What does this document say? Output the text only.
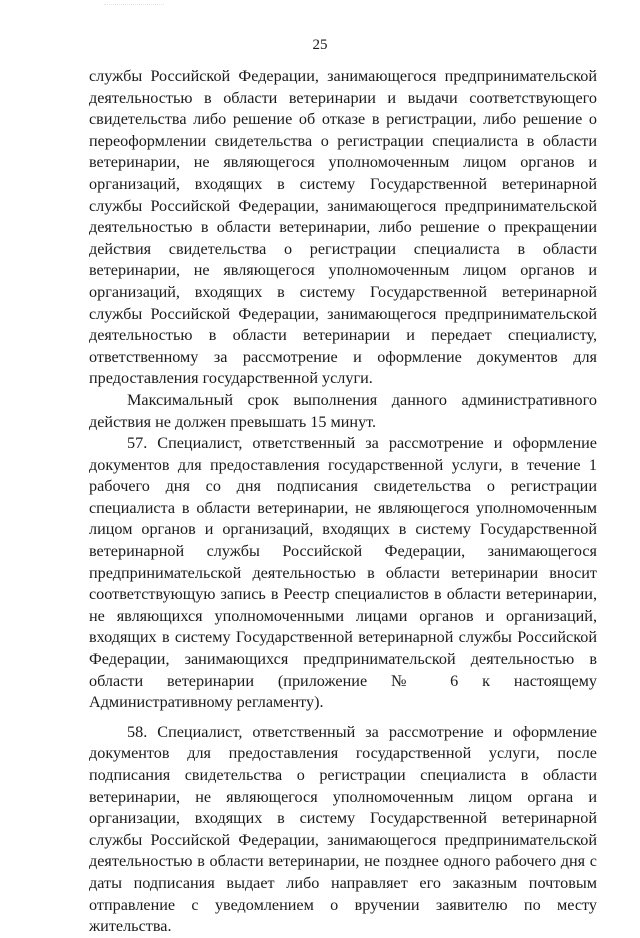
25

службы Российской Федерации, занимающегося предпринимательской деятельностью в области ветеринарии и выдачи соответствующего свидетельства либо решение об отказе в регистрации, либо решение о переоформлении свидетельства о регистрации специалиста в области ветеринарии, не являющегося уполномоченным лицом органов и организаций, входящих в систему Государственной ветеринарной службы Российской Федерации, занимающегося предпринимательской деятельностью в области ветеринарии, либо решение о прекращении действия свидетельства о регистрации специалиста в области ветеринарии, не являющегося уполномоченным лицом органов и организаций, входящих в систему Государственной ветеринарной службы Российской Федерации, занимающегося предпринимательской деятельностью в области ветеринарии и передает специалисту, ответственному за рассмотрение и оформление документов для предоставления государственной услуги.

Максимальный срок выполнения данного административного действия не должен превышать 15 минут.

57. Специалист, ответственный за рассмотрение и оформление документов для предоставления государственной услуги, в течение 1 рабочего дня со дня подписания свидетельства о регистрации специалиста в области ветеринарии, не являющегося уполномоченным лицом органов и организаций, входящих в систему Государственной ветеринарной службы Российской Федерации, занимающегося предпринимательской деятельностью в области ветеринарии вносит соответствующую запись в Реестр специалистов в области ветеринарии, не являющихся уполномоченными лицами органов и организаций, входящих в систему Государственной ветеринарной службы Российской Федерации, занимающихся предпринимательской деятельностью в области ветеринарии (приложение № 6 к настоящему Административному регламенту).

58. Специалист, ответственный за рассмотрение и оформление документов для предоставления государственной услуги, после подписания свидетельства о регистрации специалиста в области ветеринарии, не являющегося уполномоченным лицом органа и организации, входящих в систему Государственной ветеринарной службы Российской Федерации, занимающегося предпринимательской деятельностью в области ветеринарии, не позднее одного рабочего дня с даты подписания выдает либо направляет его заказным почтовым отправление с уведомлением о вручении заявителю по месту жительства.
